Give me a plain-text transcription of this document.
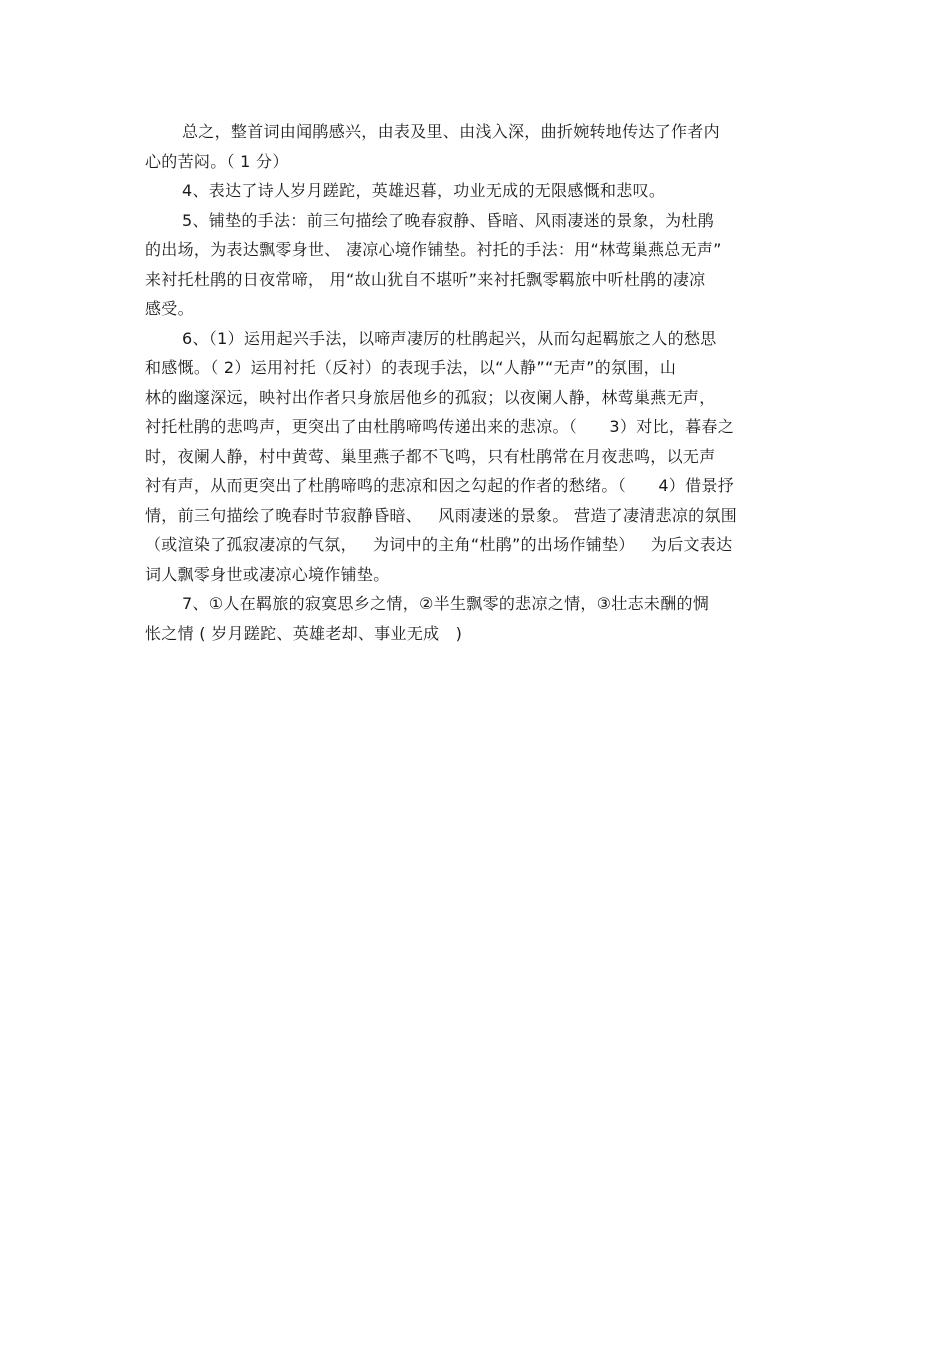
总之，整首词由闻鹃感兴，由表及里、由浅入深，曲折婉转地传达了作者内
心的苦闷。（ 1 分）
4、表达了诗人岁月蹉跎，英雄迟暮，功业无成的无限感慨和悲叹。
5、铺垫的手法：前三句描绘了晚春寂静、昏暗、风雨凄迷的景象，为杜鹃
的出场，为表达飘零身世、 凄凉心境作铺垫。衬托的手法：用“林莺巢燕总无声”
来衬托杜鹃的日夜常啼， 用“故山犹自不堪听”来衬托飘零羁旅中听杜鹃的凄凉
感受。
6、（1）运用起兴手法，以啼声凄厉的杜鹃起兴，从而勾起羁旅之人的愁思
和感慨。（ 2）运用衬托（反衬）的表现手法，以“人静”“无声”的氛围，山
林的幽邃深远，映衬出作者只身旅居他乡的孤寂；以夜阑人静，林莺巢燕无声，
衬托杜鹃的悲鸣声，更突出了由杜鹃啼鸣传递出来的悲凉。（      3）对比，暮春之
时，夜阑人静，村中黄莺、巢里燕子都不飞鸣，只有杜鹃常在月夜悲鸣，以无声
衬有声，从而更突出了杜鹃啼鸣的悲凉和因之勾起的作者的愁绪。（      4）借景抒
情，前三句描绘了晚春时节寂静昏暗、   风雨凄迷的景象。 营造了凄清悲凉的氛围
（或渲染了孤寂凄凉的气氛，   为词中的主角“杜鹃”的出场作铺垫）   为后文表达
词人飘零身世或凄凉心境作铺垫。
7、①人在羁旅的寂寞思乡之情，②半生飘零的悲凉之情，③壮志未酬的惆
怅之情 ( 岁月蹉跎、英雄老却、事业无成   )
